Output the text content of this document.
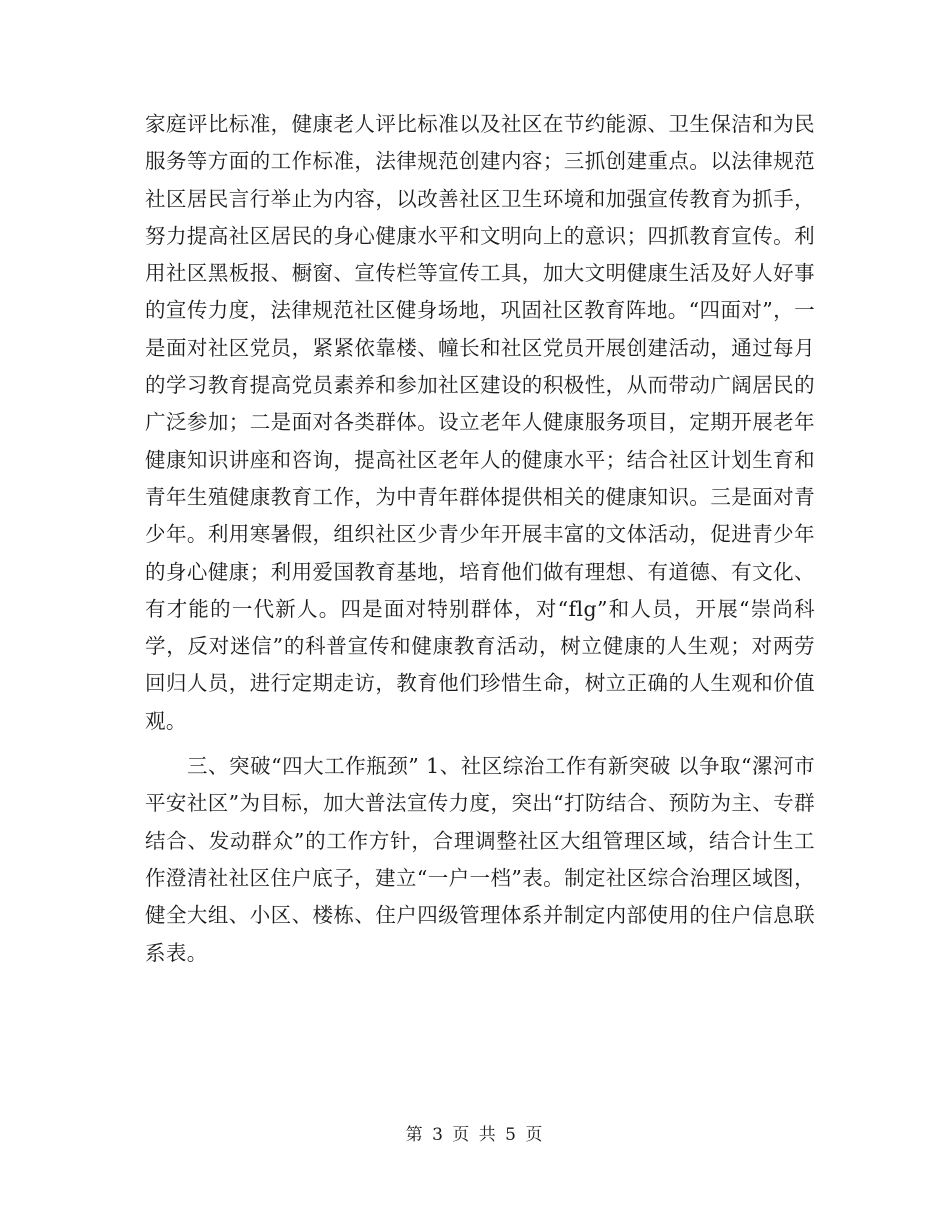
家庭评比标准，健康老人评比标准以及社区在节约能源、卫生保洁和为民服务等方面的工作标准，法律规范创建内容；三抓创建重点。以法律规范社区居民言行举止为内容，以改善社区卫生环境和加强宣传教育为抓手，努力提高社区居民的身心健康水平和文明向上的意识；四抓教育宣传。利用社区黑板报、橱窗、宣传栏等宣传工具，加大文明健康生活及好人好事的宣传力度，法律规范社区健身场地，巩固社区教育阵地。“四面对”，一是面对社区党员，紧紧依靠楼、幢长和社区党员开展创建活动，通过每月的学习教育提高党员素养和参加社区建设的积极性，从而带动广阔居民的广泛参加；二是面对各类群体。设立老年人健康服务项目，定期开展老年健康知识讲座和咨询，提高社区老年人的健康水平；结合社区计划生育和青年生殖健康教育工作，为中青年群体提供相关的健康知识。三是面对青少年。利用寒暑假，组织社区少青少年开展丰富的文体活动，促进青少年的身心健康；利用爱国教育基地，培育他们做有理想、有道德、有文化、有才能的一代新人。四是面对特别群体，对“flg”和人员，开展“崇尚科学，反对迷信”的科普宣传和健康教育活动，树立健康的人生观；对两劳回归人员，进行定期走访，教育他们珍惜生命，树立正确的人生观和价值观。

三、突破“四大工作瓶颈” 1、社区综治工作有新突破 以争取“漯河市平安社区”为目标，加大普法宣传力度，突出“打防结合、预防为主、专群结合、发动群众”的工作方针，合理调整社区大组管理区域，结合计生工作澄清社社区住户底子，建立“一户一档”表。制定社区综合治理区域图，健全大组、小区、楼栋、住户四级管理体系并制定内部使用的住户信息联系表。

第 3 页 共 5 页
